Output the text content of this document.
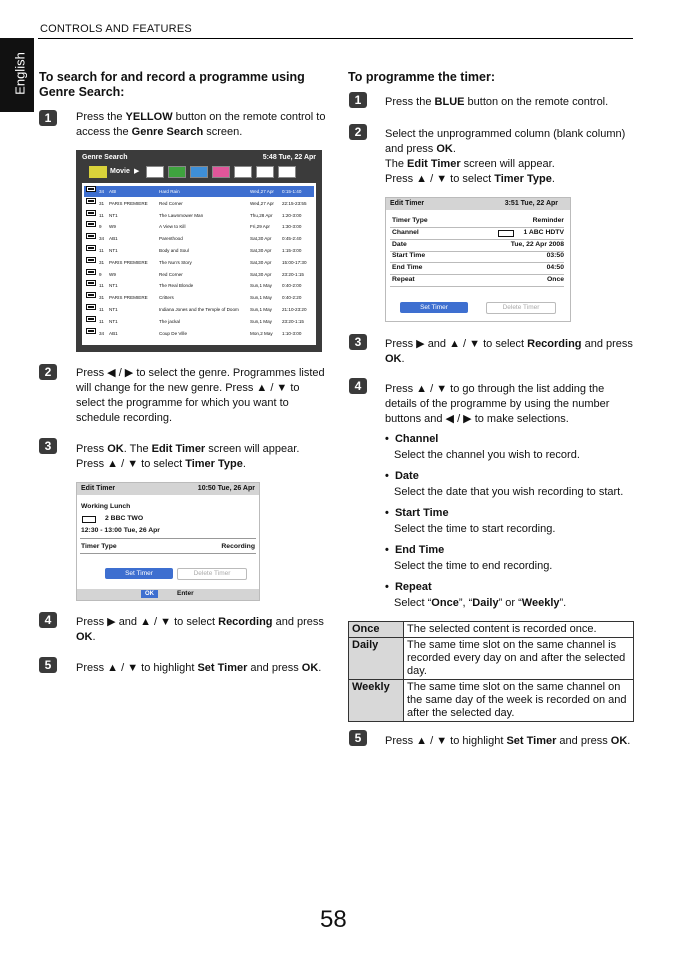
CONTROLS AND FEATURES
English To search for and record a programme using Genre Search:
1	Press the YELLOW button on the remote control to access the Genre Search screen.
Genre Search	5:48 Tue, 22 Apr
Movie ▶
34 ABI	Hard Rain	Wed,27 Apr 0:15-1:40
31 PARIS PREMIERE Red Corner	Wed,27 Apr 22:15-23:55
11 NT1	The Lawnmower Man	Thu,28 Apr 1:20-3:00
9 W9	A View to Kill	Fri,29 Apr	1:30-3:00
34 AB1	Parenthood	Sat,30 Apr 0:45-2:40
11 NT1	Body and Soul	Sat,30 Apr 1:15-3:00
31 PARIS PREMIERE The Nun's Story	Sat,30 Apr 15:00-17:30
9 W9	Red Corner	Sat,30 Apr 23:20-1:15
11 NT1	The Real Blonde	Sun,1 May 0:40-2:00
31 PARIS PREMIERE Critters	Sun,1 May 0:40-2:20
11 NT1	Indiana Jones and the Temple of Doom Sun,1 May 21:10-23:20
11 NT1	The jackal	Sun,1 May 23:20-1:15
34 AB1	Coup De Ville	Mon,2 May 1:10-3:00
2	Press ◀ / ▶ to select the genre. Programmes listed will change for the new genre. Press ▲ / ▼ to select the programme for which you want to schedule recording.
3	Press OK. The Edit Timer screen will appear. Press ▲ / ▼ to select Timer Type.
Edit Timer	10:50 Tue, 26 Apr
Working Lunch
2 BBC TWO
12:30 - 13:00 Tue, 26 Apr
Timer Type	Recording
Set Timer	Delete Timer
OK	Enter
4	Press ▶ and ▲ / ▼ to select Recording and press OK.
5	Press ▲ / ▼ to highlight Set Timer and press OK.
To programme the timer:
1	Press the BLUE button on the remote control.
2	Select the unprogrammed column (blank column) and press OK.
The Edit Timer screen will appear.
Press ▲ / ▼ to select Timer Type.
Edit Timer	3:51 Tue, 22 Apr
Timer Type	Reminder
Channel	1 ABC HDTV
Date	Tue, 22 Apr 2008
Start Time	03:50
End Time	04:50
Repeat	Once
Set Timer	Delete Timer
3	Press ▶ and ▲ / ▼ to select Recording and press OK.
4	Press ▲ / ▼ to go through the list adding the details of the programme by using the number buttons and ◀ / ▶ to make selections.
•  Channel
Select the channel you wish to record.
•  Date
Select the date that you wish recording to start.
•  Start Time
Select the time to start recording.
•  End Time
Select the time to end recording.
•  Repeat
Select “Once”, “Daily” or “Weekly”.
Once	The selected content is recorded once.
Daily	The same time slot on the same channel is recorded every day on and after the selected day.
Weekly	The same time slot on the same channel on the same day of the week is recorded on and after the selected day.
5	Press ▲ / ▼ to highlight Set Timer and press OK.
58
